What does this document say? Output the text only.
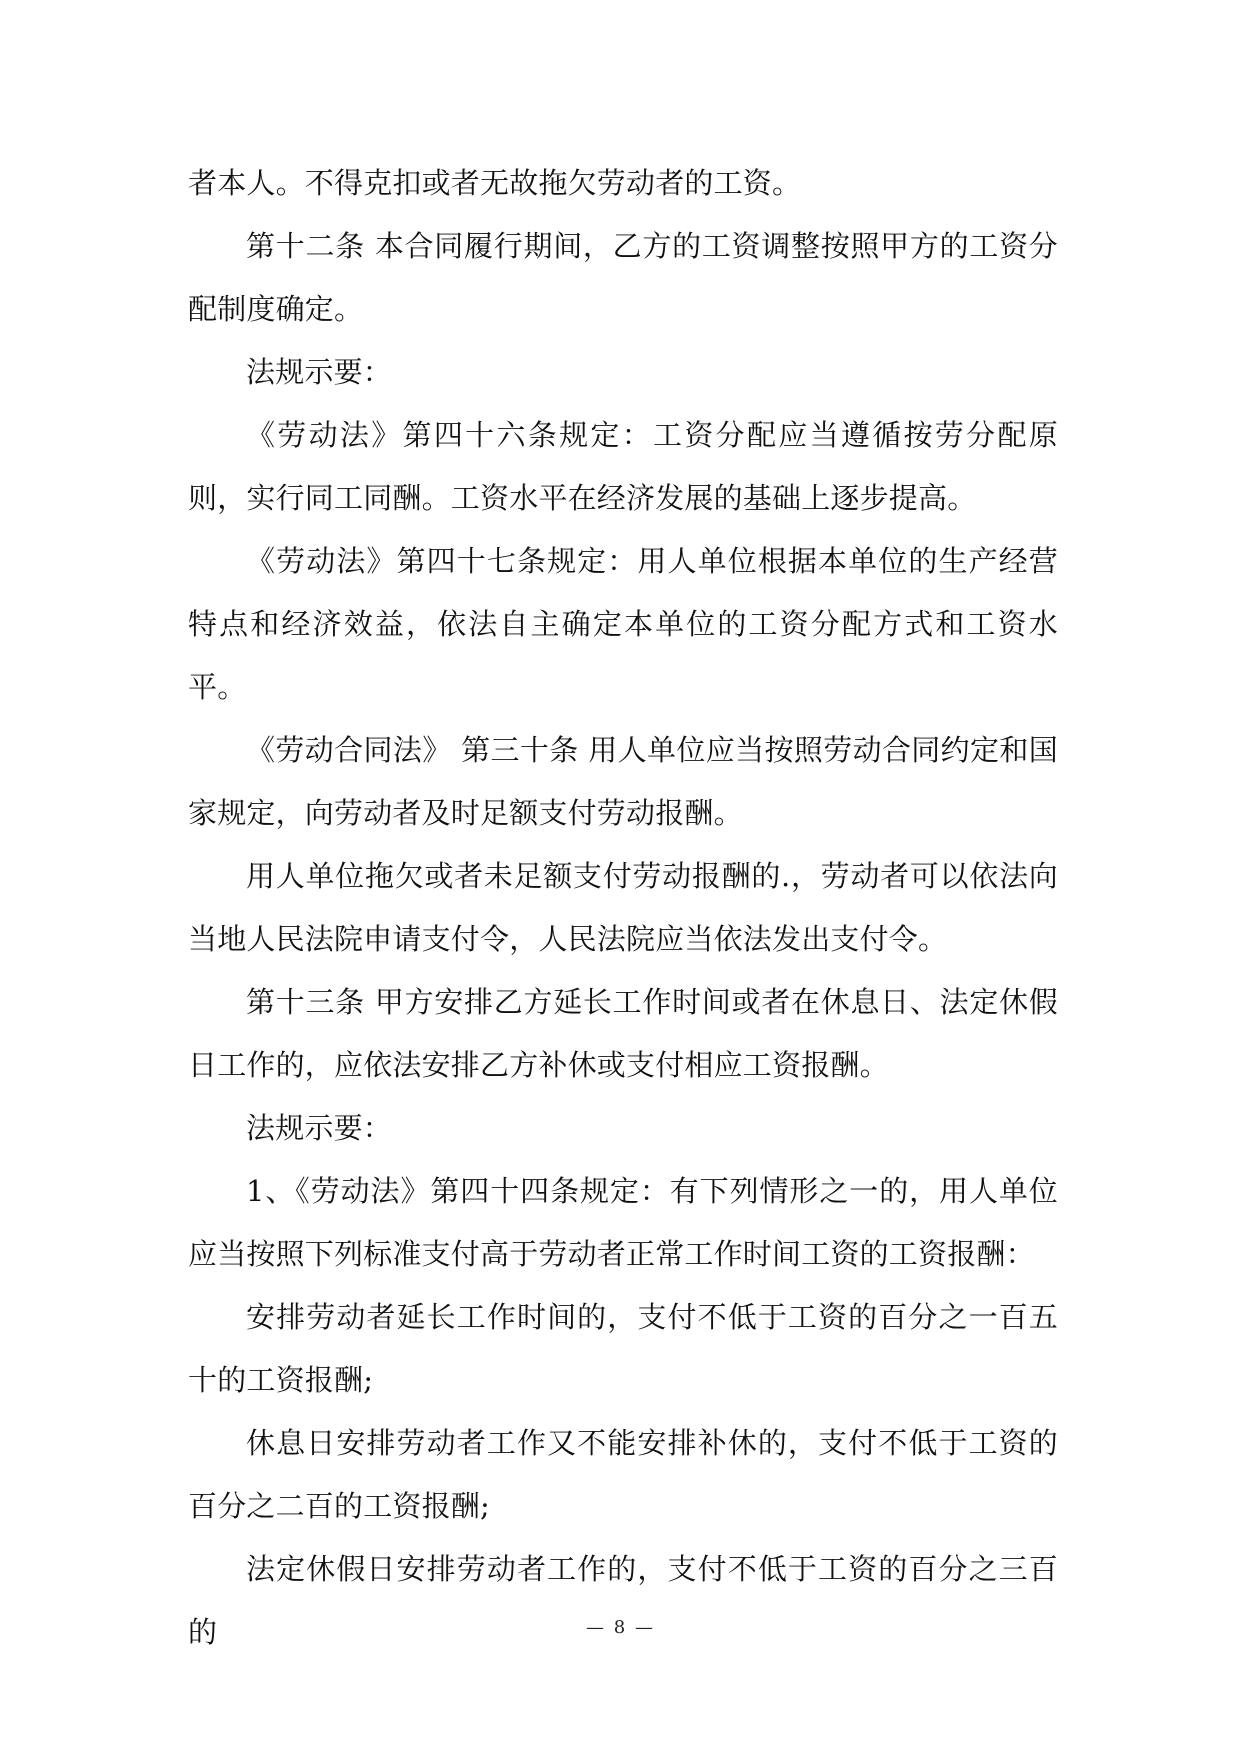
者本人。不得克扣或者无故拖欠劳动者的工资。

第十二条 本合同履行期间，乙方的工资调整按照甲方的工资分配制度确定。

法规示要：

《劳动法》第四十六条规定：工资分配应当遵循按劳分配原则，实行同工同酬。工资水平在经济发展的基础上逐步提高。

《劳动法》第四十七条规定：用人单位根据本单位的生产经营特点和经济效益，依法自主确定本单位的工资分配方式和工资水平。

《劳动合同法》 第三十条 用人单位应当按照劳动合同约定和国家规定，向劳动者及时足额支付劳动报酬。

用人单位拖欠或者未足额支付劳动报酬的.，劳动者可以依法向当地人民法院申请支付令，人民法院应当依法发出支付令。

第十三条 甲方安排乙方延长工作时间或者在休息日、法定休假日工作的，应依法安排乙方补休或支付相应工资报酬。

法规示要：

1、《劳动法》第四十四条规定：有下列情形之一的，用人单位应当按照下列标准支付高于劳动者正常工作时间工资的工资报酬：

安排劳动者延长工作时间的，支付不低于工资的百分之一百五十的工资报酬;

休息日安排劳动者工作又不能安排补休的，支付不低于工资的百分之二百的工资报酬;

法定休假日安排劳动者工作的，支付不低于工资的百分之三百的	— 8 —
